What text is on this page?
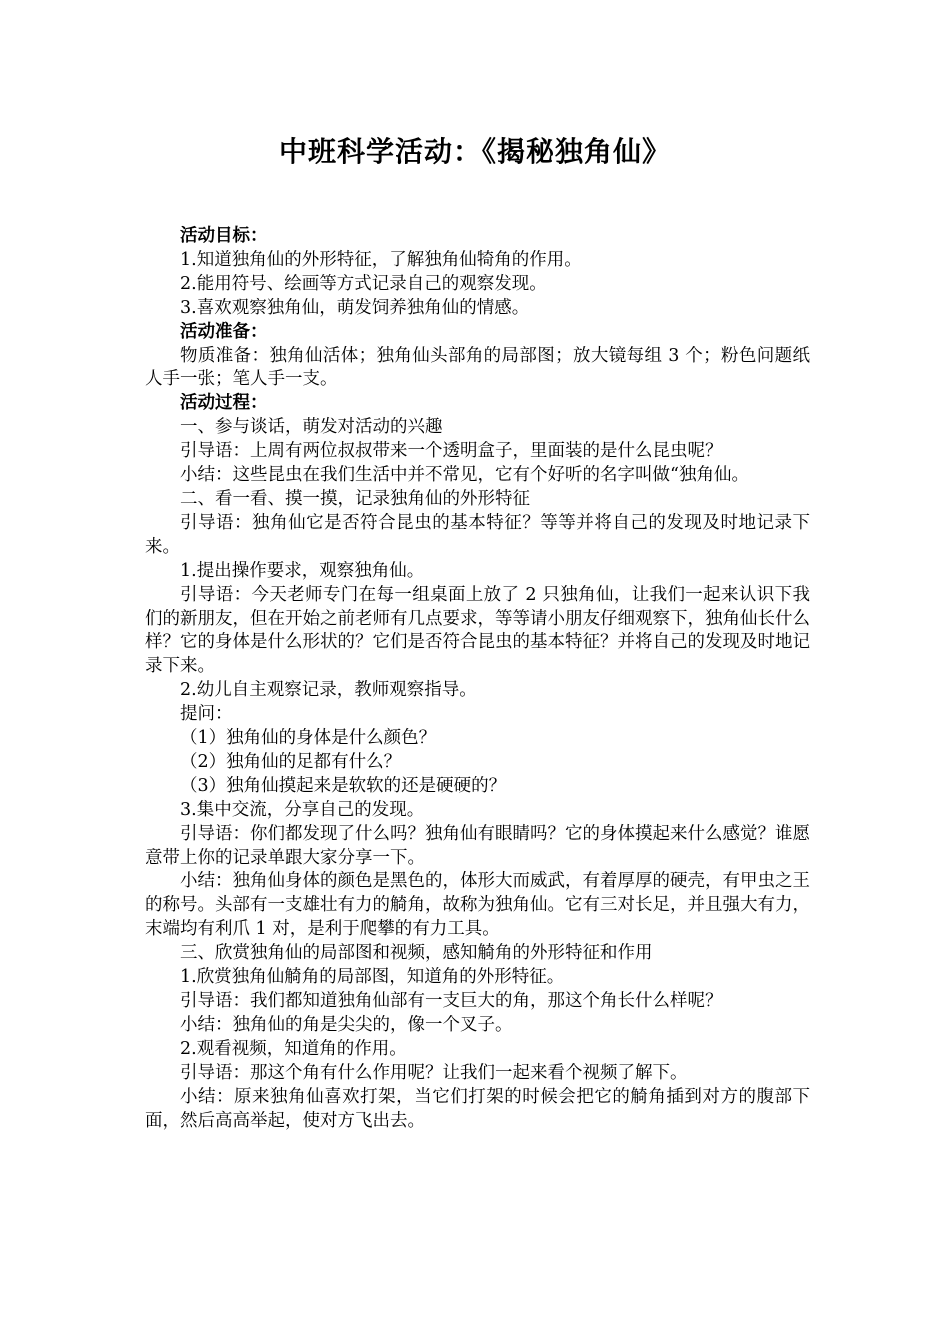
中班科学活动：《揭秘独角仙》

活动目标：

1.知道独角仙的外形特征，了解独角仙犄角的作用。

2.能用符号、绘画等方式记录自己的观察发现。

3.喜欢观察独角仙，萌发饲养独角仙的情感。

活动准备：

物质准备：独角仙活体；独角仙头部角的局部图；放大镜每组 3 个；粉色问题纸人手一张；笔人手一支。

活动过程：

一、参与谈话，萌发对活动的兴趣

引导语：上周有两位叔叔带来一个透明盒子，里面装的是什么昆虫呢？

小结：这些昆虫在我们生活中并不常见，它有个好听的名字叫做“独角仙。

二、看一看、摸一摸，记录独角仙的外形特征

引导语：独角仙它是否符合昆虫的基本特征？等等并将自己的发现及时地记录下来。

1.提出操作要求，观察独角仙。

引导语：今天老师专门在每一组桌面上放了 2 只独角仙，让我们一起来认识下我们的新朋友，但在开始之前老师有几点要求，等等请小朋友仔细观察下，独角仙长什么样？它的身体是什么形状的？它们是否符合昆虫的基本特征？并将自己的发现及时地记录下来。

2.幼儿自主观察记录，教师观察指导。

提问：

（1）独角仙的身体是什么颜色？

（2）独角仙的足都有什么？

（3）独角仙摸起来是软软的还是硬硬的？

3.集中交流，分享自己的发现。

引导语：你们都发现了什么吗？独角仙有眼睛吗？它的身体摸起来什么感觉？谁愿意带上你的记录单跟大家分享一下。

小结：独角仙身体的颜色是黑色的，体形大而威武，有着厚厚的硬壳，有甲虫之王的称号。头部有一支雄壮有力的觭角，故称为独角仙。它有三对长足，并且强大有力，末端均有利爪 1 对，是利于爬攀的有力工具。

三、欣赏独角仙的局部图和视频，感知觭角的外形特征和作用

1.欣赏独角仙觭角的局部图，知道角的外形特征。

引导语：我们都知道独角仙部有一支巨大的角，那这个角长什么样呢？

小结：独角仙的角是尖尖的，像一个叉子。

2.观看视频，知道角的作用。

引导语：那这个角有什么作用呢？让我们一起来看个视频了解下。

小结：原来独角仙喜欢打架，当它们打架的时候会把它的觭角插到对方的腹部下面，然后高高举起，使对方飞出去。
